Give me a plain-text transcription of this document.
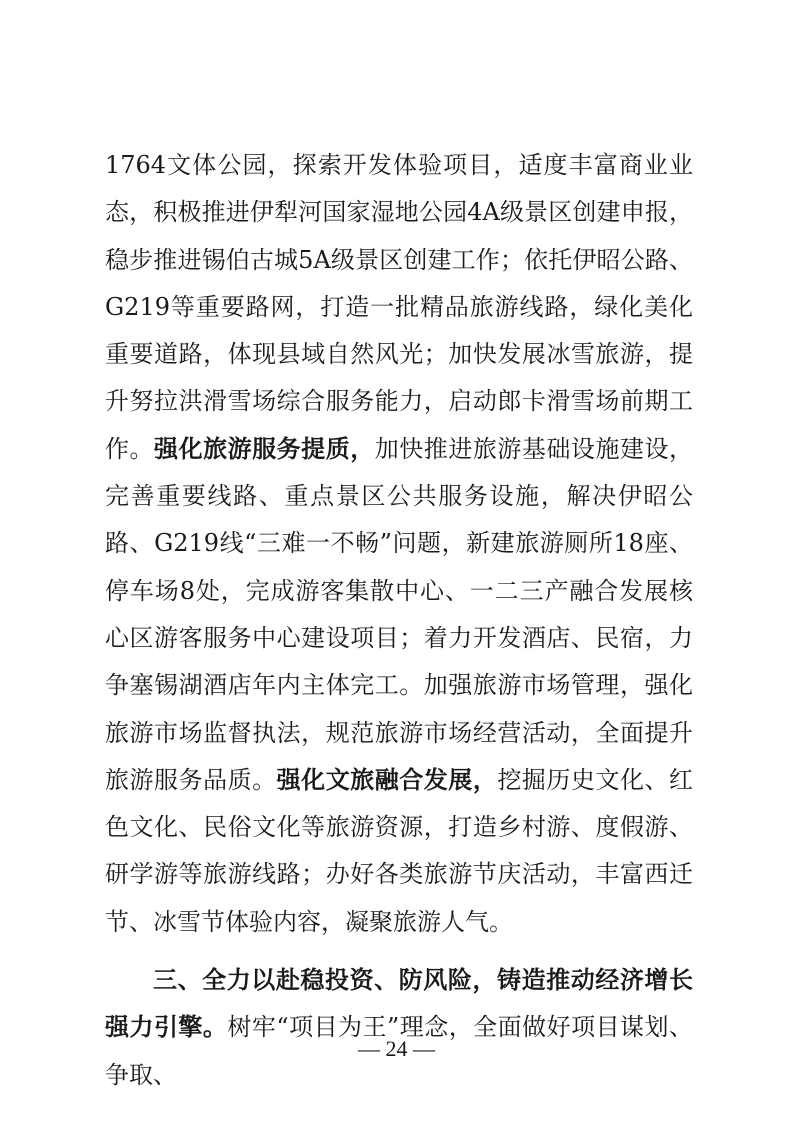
1764文体公园，探索开发体验项目，适度丰富商业业态，积极推进伊犁河国家湿地公园4A级景区创建申报，稳步推进锡伯古城5A级景区创建工作；依托伊昭公路、G219等重要路网，打造一批精品旅游线路，绿化美化重要道路，体现县域自然风光；加快发展冰雪旅游，提升努拉洪滑雪场综合服务能力，启动郎卡滑雪场前期工作。强化旅游服务提质，加快推进旅游基础设施建设，完善重要线路、重点景区公共服务设施，解决伊昭公路、G219线“三难一不畅”问题，新建旅游厕所18座、停车场8处，完成游客集散中心、一二三产融合发展核心区游客服务中心建设项目；着力开发酒店、民宿，力争塞锡湖酒店年内主体完工。加强旅游市场管理，强化旅游市场监督执法，规范旅游市场经营活动，全面提升旅游服务品质。强化文旅融合发展，挖掘历史文化、红色文化、民俗文化等旅游资源，打造乡村游、度假游、研学游等旅游线路；办好各类旅游节庆活动，丰富西迁节、冰雪节体验内容，凝聚旅游人气。

三、全力以赴稳投资、防风险，铸造推动经济增长强力引擎。树牢“项目为王”理念，全面做好项目谋划、争取、

— 24 —
